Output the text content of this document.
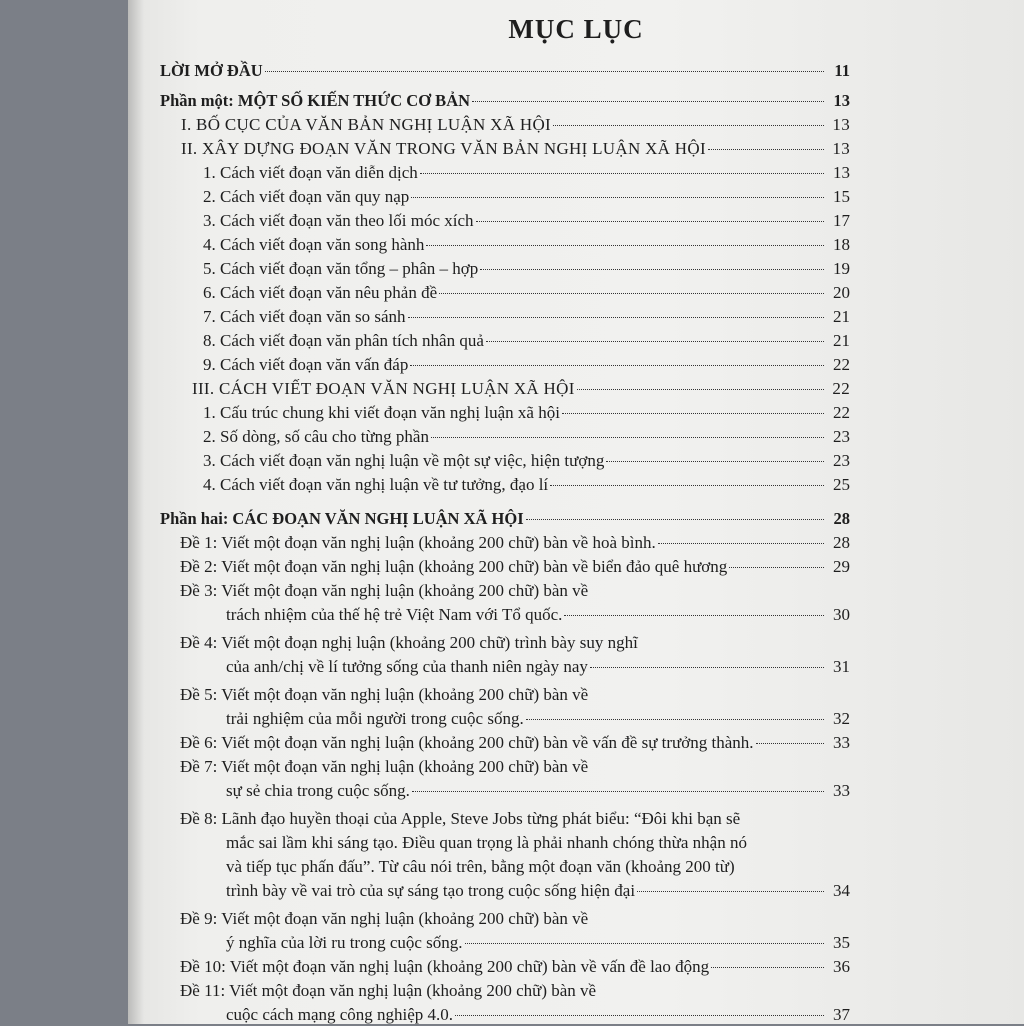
MỤC LỤC
LỜI MỞ ĐẦU	11
Phần một: MỘT SỐ KIẾN THỨC CƠ BẢN	13
I. BỐ CỤC CỦA VĂN BẢN NGHỊ LUẬN XÃ HỘI	13
II. XÂY DỰNG ĐOẠN VĂN TRONG VĂN BẢN NGHỊ LUẬN XÃ HỘI	13
1. Cách viết đoạn văn diễn dịch	13
2. Cách viết đoạn văn quy nạp	15
3. Cách viết đoạn văn theo lối móc xích	17
4. Cách viết đoạn văn song hành	18
5. Cách viết đoạn văn tổng – phân – hợp	19
6. Cách viết đoạn văn nêu phản đề	20
7. Cách viết đoạn văn so sánh	21
8. Cách viết đoạn văn phân tích nhân quả	21
9. Cách viết đoạn văn vấn đáp	22
III. CÁCH VIẾT ĐOẠN VĂN NGHỊ LUẬN XÃ HỘI	22
1. Cấu trúc chung khi viết đoạn văn nghị luận xã hội	22
2. Số dòng, số câu cho từng phần	23
3. Cách viết đoạn văn nghị luận về một sự việc, hiện tượng	23
4. Cách viết đoạn văn nghị luận về tư tưởng, đạo lí	25
Phần hai: CÁC ĐOẠN VĂN NGHỊ LUẬN XÃ HỘI	28
Đề 1: Viết một đoạn văn nghị luận (khoảng 200 chữ) bàn về hoà bình.	28
Đề 2: Viết một đoạn văn nghị luận (khoảng 200 chữ) bàn về biển đảo quê hương	29
Đề 3: Viết một đoạn văn nghị luận (khoảng 200 chữ) bàn về
trách nhiệm của thế hệ trẻ Việt Nam với Tổ quốc.	30
Đề 4: Viết một đoạn nghị luận (khoảng 200 chữ) trình bày suy nghĩ
của anh/chị về lí tưởng sống của thanh niên ngày nay	31
Đề 5: Viết một đoạn văn nghị luận (khoảng 200 chữ) bàn về
trải nghiệm của mỗi người trong cuộc sống.	32
Đề 6: Viết một đoạn văn nghị luận (khoảng 200 chữ) bàn về vấn đề sự trưởng thành.	33
Đề 7: Viết một đoạn văn nghị luận (khoảng 200 chữ) bàn về
sự sẻ chia trong cuộc sống.	33
Đề 8: Lãnh đạo huyền thoại của Apple, Steve Jobs từng phát biểu: “Đôi khi bạn sẽ
mắc sai lầm khi sáng tạo. Điều quan trọng là phải nhanh chóng thừa nhận nó
và tiếp tục phấn đấu”. Từ câu nói trên, bằng một đoạn văn (khoảng 200 từ)
trình bày về vai trò của sự sáng tạo trong cuộc sống hiện đại	34
Đề 9: Viết một đoạn văn nghị luận (khoảng 200 chữ) bàn về
ý nghĩa của lời ru trong cuộc sống.	35
Đề 10: Viết một đoạn văn nghị luận (khoảng 200 chữ) bàn về vấn đề lao động	36
Đề 11: Viết một đoạn văn nghị luận (khoảng 200 chữ) bàn về
cuộc cách mạng công nghiệp 4.0.	37
